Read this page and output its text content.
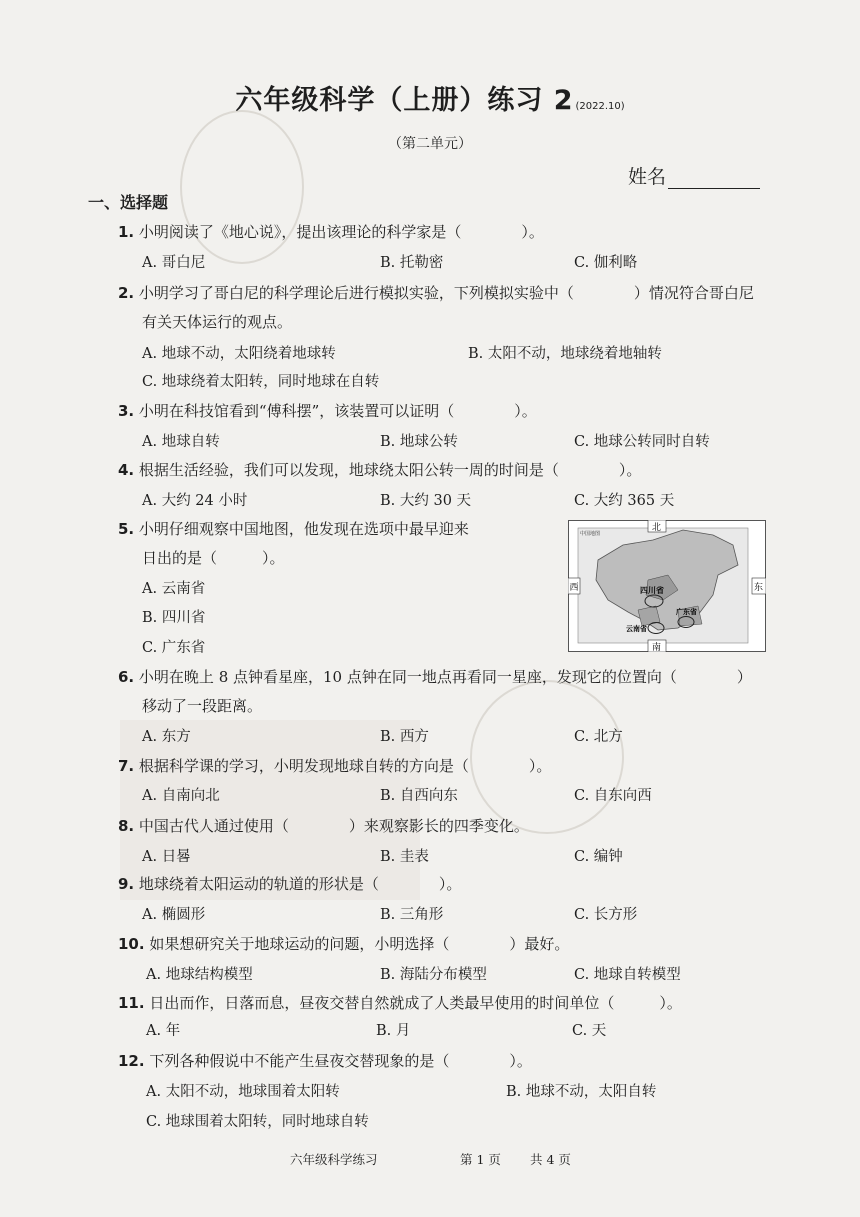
六年级科学（上册）练习 2 (2022.10)
（第二单元）
姓名
一、选择题
1. 小明阅读了《地心说》，提出该理论的科学家是（　　　　）。
A. 哥白尼	B. 托勒密	C. 伽利略
2. 小明学习了哥白尼的科学理论后进行模拟实验，下列模拟实验中（　　　　）情况符合哥白尼
有关天体运行的观点。
A. 地球不动，太阳绕着地球转	B. 太阳不动，地球绕着地轴转
C. 地球绕着太阳转，同时地球在自转
3. 小明在科技馆看到“傅科摆”，该装置可以证明（　　　　）。
A. 地球自转	B. 地球公转	C. 地球公转同时自转
4. 根据生活经验，我们可以发现，地球绕太阳公转一周的时间是（　　　　）。
A. 大约 24 小时	B. 大约 30 天	C. 大约 365 天
5. 小明仔细观察中国地图，他发现在选项中最早迎来
日出的是（　　　）。
A. 云南省
B. 四川省
C. 广东省
中国地图
四川省
广东省
云南省
北
南
西	东
6. 小明在晚上 8 点钟看星座，10 点钟在同一地点再看同一星座，发现它的位置向（　　　　）
移动了一段距离。
A. 东方	B. 西方	C. 北方
7. 根据科学课的学习，小明发现地球自转的方向是（　　　　）。
A. 自南向北	B. 自西向东	C. 自东向西
8. 中国古代人通过使用（　　　　）来观察影长的四季变化。
A. 日晷	B. 圭表	C. 编钟
9. 地球绕着太阳运动的轨道的形状是（　　　　）。
A. 椭圆形	B. 三角形	C. 长方形
10. 如果想研究关于地球运动的问题，小明选择（　　　　）最好。
A. 地球结构模型	B. 海陆分布模型	C. 地球自转模型
11. 日出而作，日落而息，昼夜交替自然就成了人类最早使用的时间单位（　　　）。
A. 年	B. 月	C. 天
12. 下列各种假说中不能产生昼夜交替现象的是（　　　　）。
A. 太阳不动，地球围着太阳转	B. 地球不动，太阳自转
C. 地球围着太阳转，同时地球自转
六年级科学练习	第 1 页 共 4 页
